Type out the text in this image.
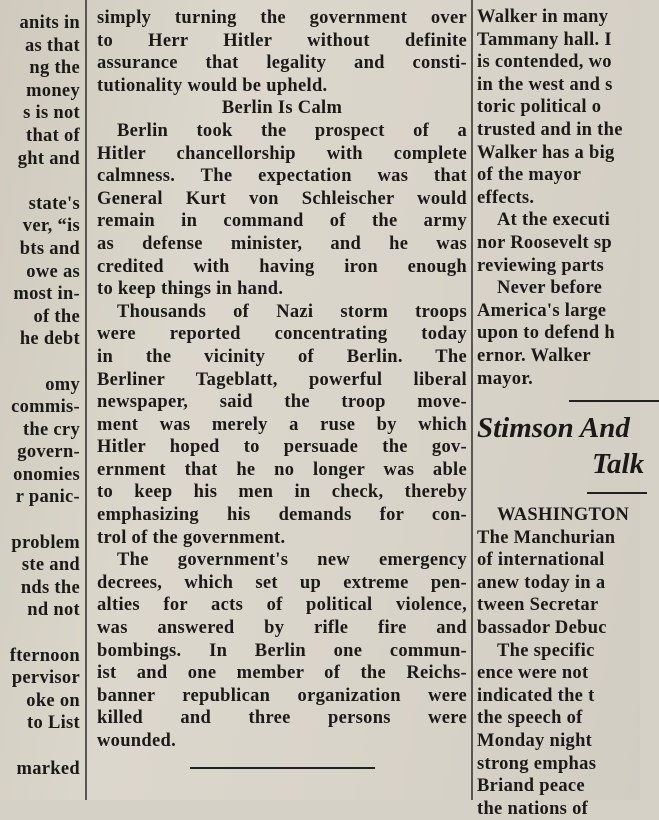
anits in
as that
ng the
money
s is not
that of
ght and
state's
ver, “is
bts and
owe as
most in-
of the
he debt
omy
commis-
the cry
govern-
onomies
r panic-
problem
ste and
nds the
nd not
fternoon
pervisor
oke on
to List
marked
simply turning the government over
to Herr Hitler without definite
assurance that legality and consti-
tutionality would be upheld.
Berlin Is Calm
Berlin took the prospect of a
Hitler chancellorship with complete
calmness. The expectation was that
General Kurt von Schleischer would
remain in command of the army
as defense minister, and he was
credited with having iron enough
to keep things in hand.
Thousands of Nazi storm troops
were reported concentrating today
in the vicinity of Berlin. The
Berliner Tageblatt, powerful liberal
newspaper, said the troop move-
ment was merely a ruse by which
Hitler hoped to persuade the gov-
ernment that he no longer was able
to keep his men in check, thereby
emphasizing his demands for con-
trol of the government.
The government's new emergency
decrees, which set up extreme pen-
alties for acts of political violence,
was answered by rifle fire and
bombings. In Berlin one commun-
ist and one member of the Reichs-
banner republican organization were
killed and three persons were
wounded.
Walker in many
Tammany hall. I
is contended, wo
in the west and s
toric political o
trusted and in the
Walker has a big
of the mayor
effects.
At the executi
nor Roosevelt sp
reviewing parts
Never before
America's large
upon to defend h
ernor. Walker
mayor.
Stimson And
Talk
WASHINGTON
The Manchurian
of international
anew today in a
tween Secretar
bassador Debuc
The specific
ence were not
indicated the t
the speech of
Monday night
strong emphas
Briand peace
the nations of
